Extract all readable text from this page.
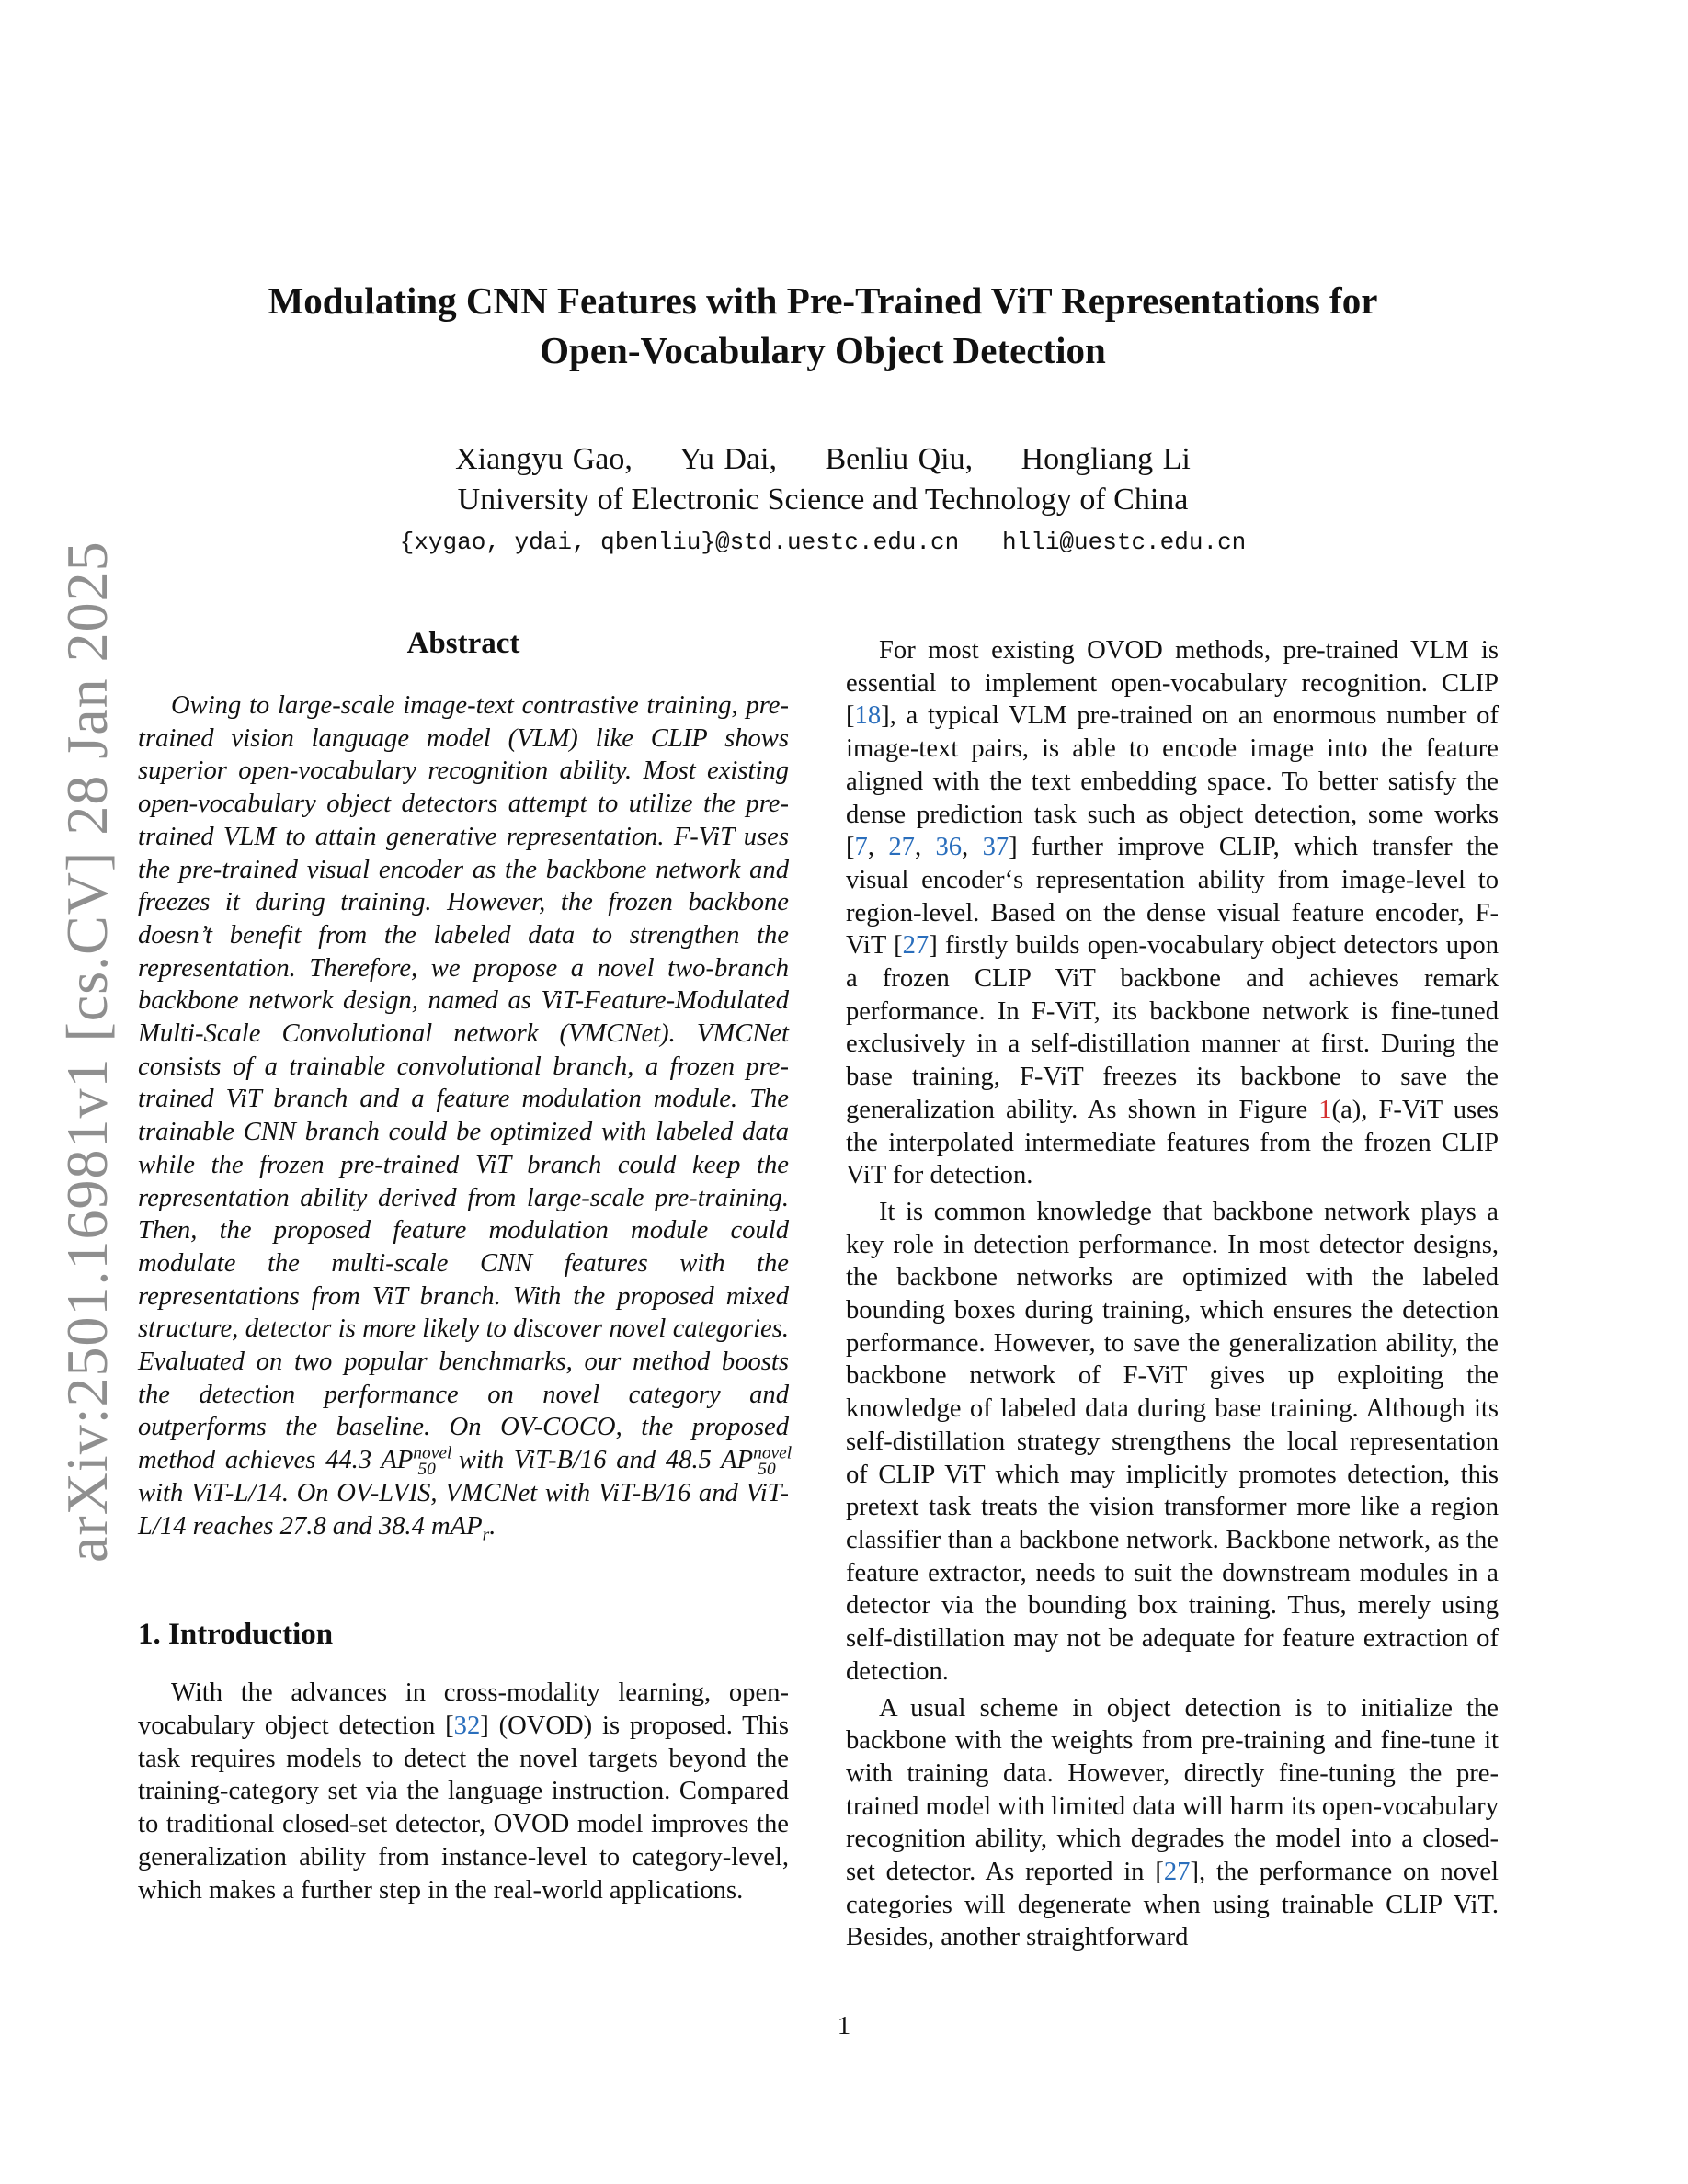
arXiv:2501.16981v1 [cs.CV] 28 Jan 2025
Modulating CNN Features with Pre-Trained ViT Representations for
Open-Vocabulary Object Detection
Xiangyu Gao,     Yu Dai,     Benliu Qiu,     Hongliang Li
University of Electronic Science and Technology of China
{xygao, ydai, qbenliu}@std.uestc.edu.cn   hlli@uestc.edu.cn
Abstract

Owing to large-scale image-text contrastive training, pre-trained vision language model (VLM) like CLIP shows superior open-vocabulary recognition ability. Most existing open-vocabulary object detectors attempt to utilize the pre-trained VLM to attain generative representation. F-ViT uses the pre-trained visual encoder as the backbone network and freezes it during training. However, the frozen backbone doesn’t benefit from the labeled data to strengthen the representation. Therefore, we propose a novel two-branch backbone network design, named as ViT-Feature-Modulated Multi-Scale Convolutional network (VMCNet). VMCNet consists of a trainable convolutional branch, a frozen pre-trained ViT branch and a feature modulation module. The trainable CNN branch could be optimized with labeled data while the frozen pre-trained ViT branch could keep the representation ability derived from large-scale pre-training. Then, the proposed feature modulation module could modulate the multi-scale CNN features with the representations from ViT branch. With the proposed mixed structure, detector is more likely to discover novel categories. Evaluated on two popular benchmarks, our method boosts the detection performance on novel category and outperforms the baseline. On OV-COCO, the proposed method achieves 44.3 $AP^{novel}_{50}$ with ViT-B/16 and 48.5 $AP^{novel}_{50}$ with ViT-L/14. On OV-LVIS, VMCNet with ViT-B/16 and ViT-L/14 reaches 27.8 and 38.4 mAP$_r$.

1. Introduction

With the advances in cross-modality learning, open-vocabulary object detection [32] (OVOD) is proposed. This task requires models to detect the novel targets beyond the training-category set via the language instruction. Compared to traditional closed-set detector, OVOD model improves the generalization ability from instance-level to category-level, which makes a further step in the real-world applications.

For most existing OVOD methods, pre-trained VLM is essential to implement open-vocabulary recognition. CLIP [18], a typical VLM pre-trained on an enormous number of image-text pairs, is able to encode image into the feature aligned with the text embedding space. To better satisfy the dense prediction task such as object detection, some works [7, 27, 36, 37] further improve CLIP, which transfer the visual encoder‘s representation ability from image-level to region-level. Based on the dense visual feature encoder, F-ViT [27] firstly builds open-vocabulary object detectors upon a frozen CLIP ViT backbone and achieves remark performance. In F-ViT, its backbone network is fine-tuned exclusively in a self-distillation manner at first. During the base training, F-ViT freezes its backbone to save the generalization ability. As shown in Figure 1(a), F-ViT uses the interpolated intermediate features from the frozen CLIP ViT for detection.

It is common knowledge that backbone network plays a key role in detection performance. In most detector designs, the backbone networks are optimized with the labeled bounding boxes during training, which ensures the detection performance. However, to save the generalization ability, the backbone network of F-ViT gives up exploiting the knowledge of labeled data during base training. Although its self-distillation strategy strengthens the local representation of CLIP ViT which may implicitly promotes detection, this pretext task treats the vision transformer more like a region classifier than a backbone network. Backbone network, as the feature extractor, needs to suit the downstream modules in a detector via the bounding box training. Thus, merely using self-distillation may not be adequate for feature extraction of detection.

A usual scheme in object detection is to initialize the backbone with the weights from pre-training and fine-tune it with training data. However, directly fine-tuning the pre-trained model with limited data will harm its open-vocabulary recognition ability, which degrades the model into a closed-set detector. As reported in [27], the performance on novel categories will degenerate when using trainable CLIP ViT. Besides, another straightforward

1
